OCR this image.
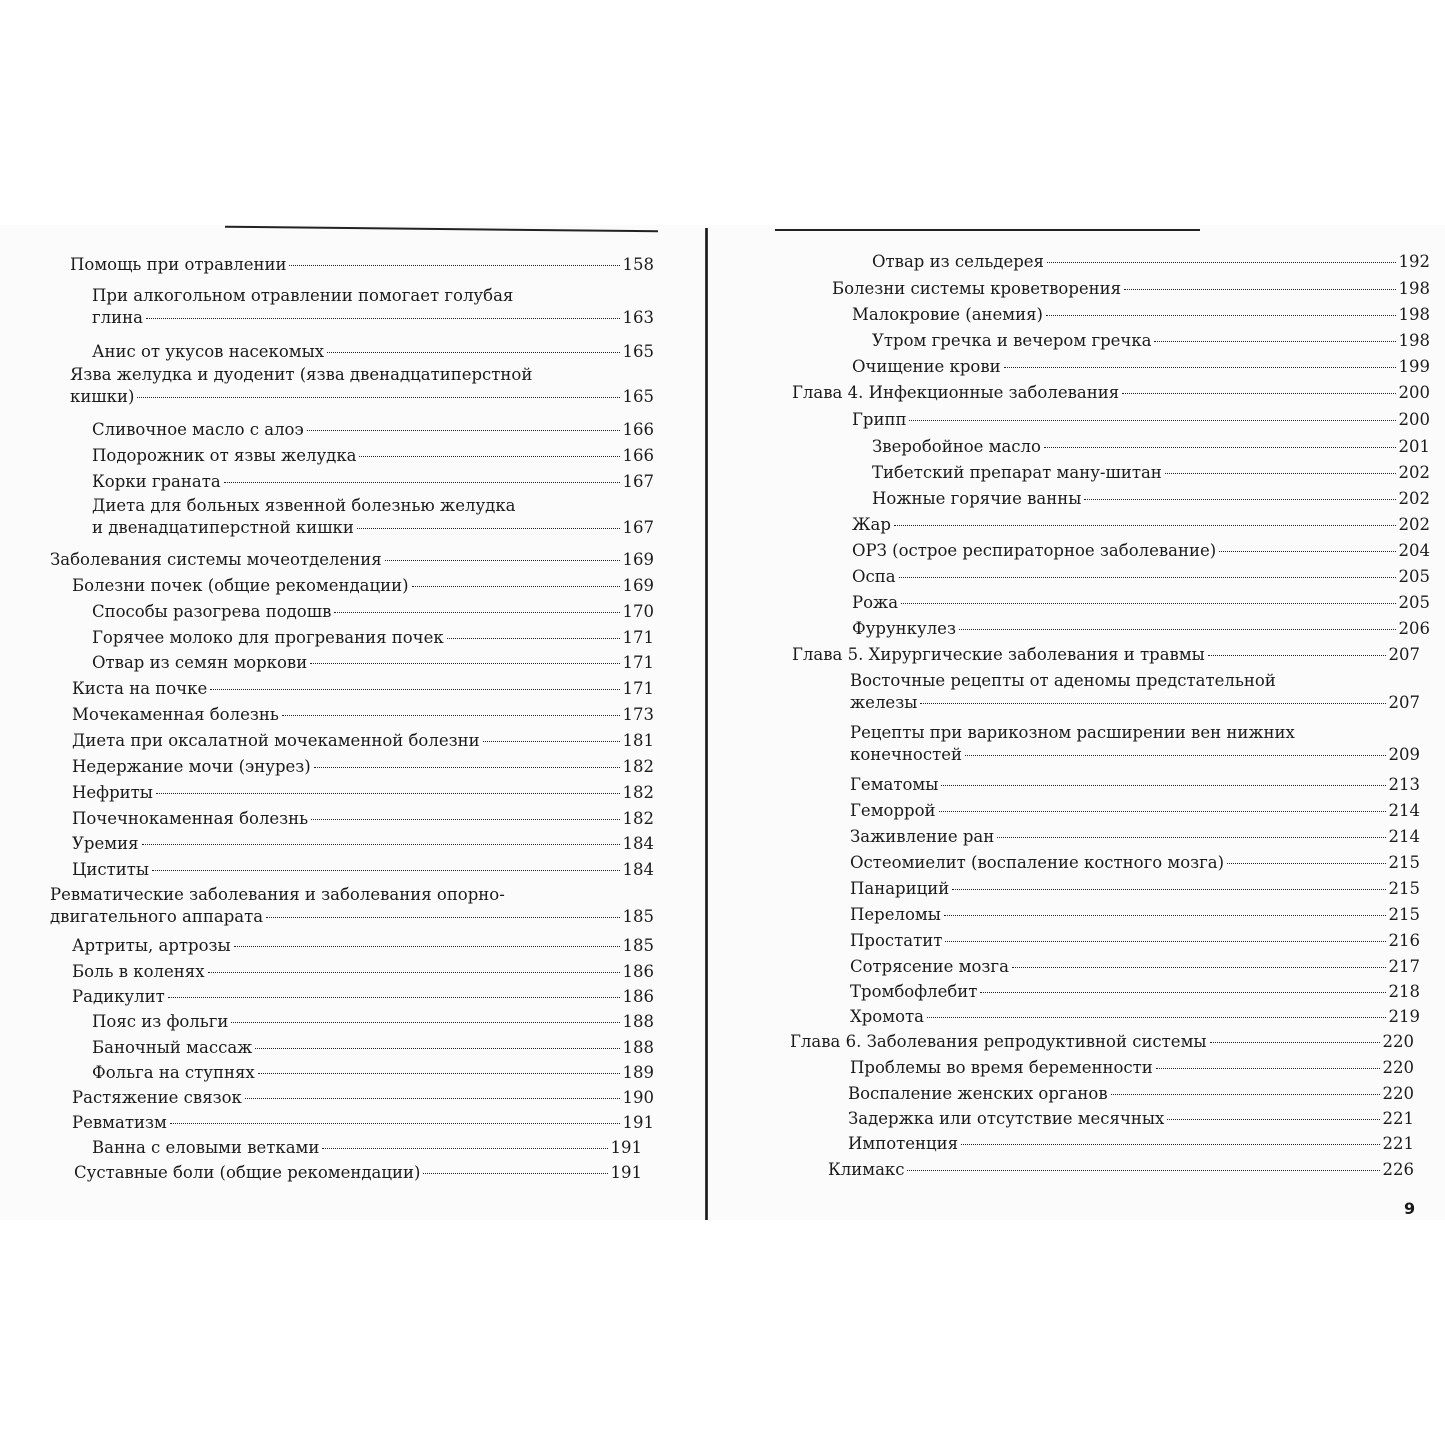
Помощь при отравлении	158
При алкогольном отравлении помогает голубая
глина	163
Анис от укусов насекомых	165
Язва желудка и дуоденит (язва двенадцатиперстной
кишки)	165
Сливочное масло с алоэ	166
Подорожник от язвы желудка	166
Корки граната	167
Диета для больных язвенной болезнью желудка
и двенадцатиперстной кишки	167
Заболевания системы мочеотделения	169
Болезни почек (общие рекомендации)	169
Способы разогрева подошв	170
Горячее молоко для прогревания почек	171
Отвар из семян моркови	171
Киста на почке	171
Мочекаменная болезнь	173
Диета при оксалатной мочекаменной болезни	181
Недержание мочи (энурез)	182
Нефриты	182
Почечнокаменная болезнь	182
Уремия	184
Циститы	184
Ревматические заболевания и заболевания опорно-
двигательного аппарата	185
Артриты, артрозы	185
Боль в коленях	186
Радикулит	186
Пояс из фольги	188
Баночный массаж	188
Фольга на ступнях	189
Растяжение связок	190
Ревматизм	191
Ванна с еловыми ветками	191
Суставные боли (общие рекомендации)	191
Отвар из сельдерея	192
Болезни системы кроветворения	198
Малокровие (анемия)	198
Утром гречка и вечером гречка	198
Очищение крови	199
Глава 4. Инфекционные заболевания	200
Грипп	200
Зверобойное масло	201
Тибетский препарат ману-шитан	202
Ножные горячие ванны	202
Жар	202
ОРЗ (острое респираторное заболевание)	204
Оспа	205
Рожа	205
Фурункулез	206
Глава 5. Хирургические заболевания и травмы	207
Восточные рецепты от аденомы предстательной
железы	207
Рецепты при варикозном расширении вен нижних
конечностей	209
Гематомы	213
Геморрой	214
Заживление ран	214
Остеомиелит (воспаление костного мозга)	215
Панариций	215
Переломы	215
Простатит	216
Сотрясение мозга	217
Тромбофлебит	218
Хромота	219
Глава 6. Заболевания репродуктивной системы	220
Проблемы во время беременности	220
Воспаление женских органов	220
Задержка или отсутствие месячных	221
Импотенция	221
Климакс	226
9
